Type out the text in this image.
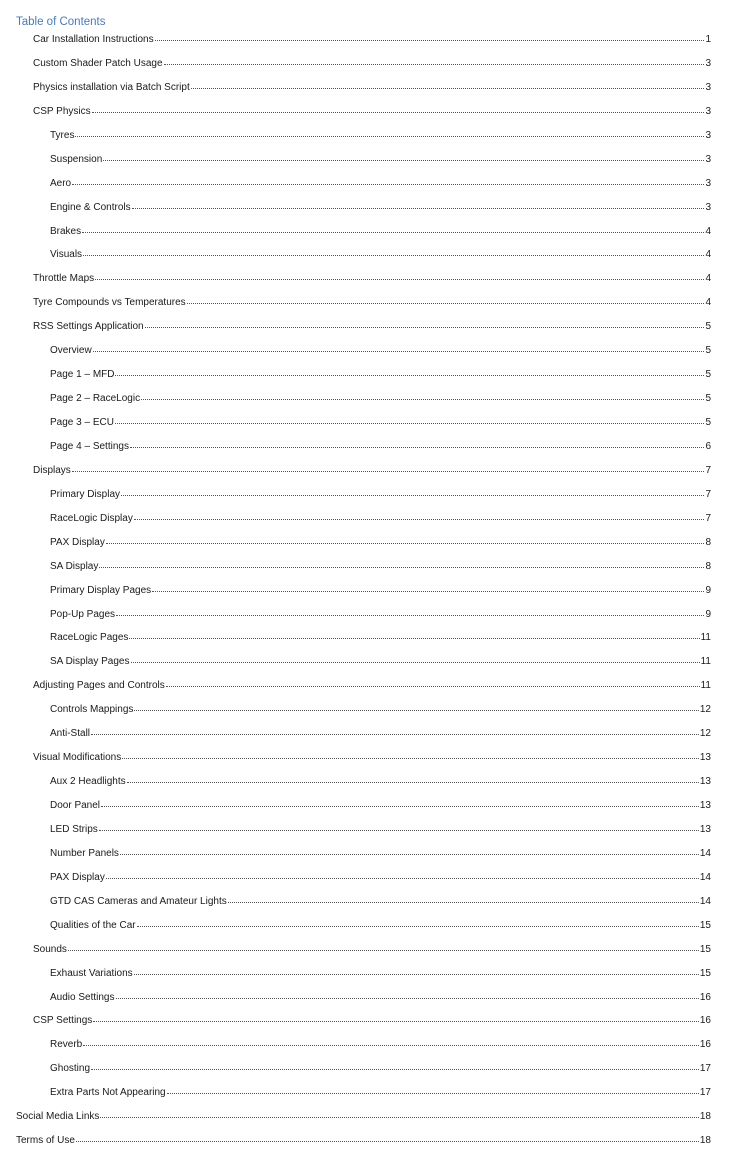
Table of Contents
Car Installation Instructions	1
Custom Shader Patch Usage	3
Physics installation via Batch Script	3
CSP Physics	3
Tyres	3
Suspension	3
Aero	3
Engine & Controls	3
Brakes	4
Visuals	4
Throttle Maps	4
Tyre Compounds vs Temperatures	4
RSS Settings Application	5
Overview	5
Page 1 – MFD	5
Page 2 – RaceLogic	5
Page 3 – ECU	5
Page 4 – Settings	6
Displays	7
Primary Display	7
RaceLogic Display	7
PAX Display	8
SA Display	8
Primary Display Pages	9
Pop-Up Pages	9
RaceLogic Pages	11
SA Display Pages	11
Adjusting Pages and Controls	11
Controls Mappings	12
Anti-Stall	12
Visual Modifications	13
Aux 2 Headlights	13
Door Panel	13
LED Strips	13
Number Panels	14
PAX Display	14
GTD CAS Cameras and Amateur Lights	14
Qualities of the Car	15
Sounds	15
Exhaust Variations	15
Audio Settings	16
CSP Settings	16
Reverb	16
Ghosting	17
Extra Parts Not Appearing	17
Social Media Links	18
Terms of Use	18
